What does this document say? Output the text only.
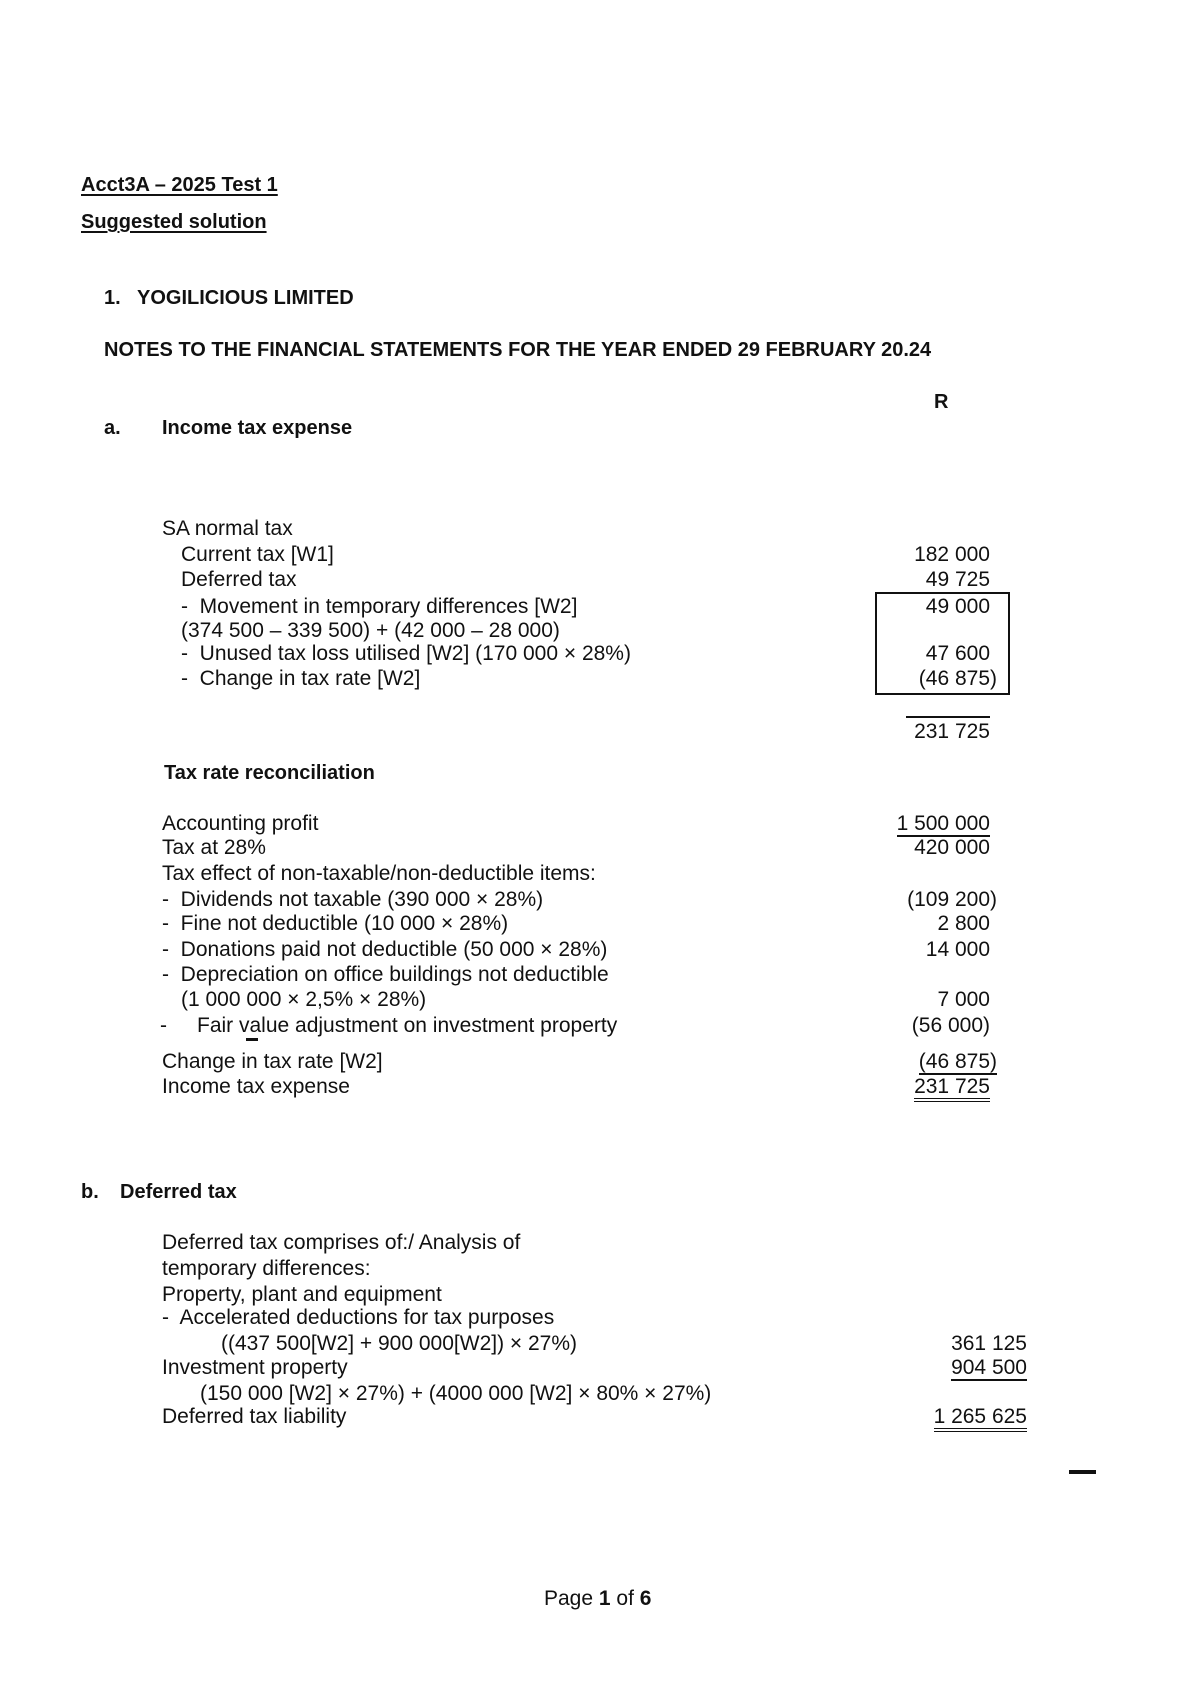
Acct3A – 2025 Test 1
Suggested solution
1.   YOGILICIOUS LIMITED
NOTES TO THE FINANCIAL STATEMENTS FOR THE YEAR ENDED 29 FEBRUARY 20.24
R
a. Income tax expense
SA normal tax
Current tax [W1]	182 000
Deferred tax	49 725
-  Movement in temporary differences [W2]	49 000
(374 500 – 339 500) + (42 000 – 28 000)
-  Unused tax loss utilised [W2] (170 000 × 28%)	47 600
-  Change in tax rate [W2]	(46 875)
231 725
Tax rate reconciliation
Accounting profit	1 500 000
Tax at 28%	420 000
Tax effect of non-taxable/non-deductible items:
-  Dividends not taxable (390 000 × 28%)	(109 200)
-  Fine not deductible (10 000 × 28%)	2 800
-  Donations paid not deductible (50 000 × 28%)	14 000
-  Depreciation on office buildings not deductible
(1 000 000 × 2,5% × 28%)	7 000
- Fair value adjustment on investment property	(56 000)
Change in tax rate [W2]	(46 875)
Income tax expense	231 725
b. Deferred tax
Deferred tax comprises of:/ Analysis of
temporary differences:
Property, plant and equipment
-  Accelerated deductions for tax purposes
((437 500[W2] + 900 000[W2]) × 27%)	361 125
Investment property	904 500
(150 000 [W2] × 27%) + (4000 000 [W2] × 80% × 27%)
Deferred tax liability	1 265 625
Page 1 of 6
